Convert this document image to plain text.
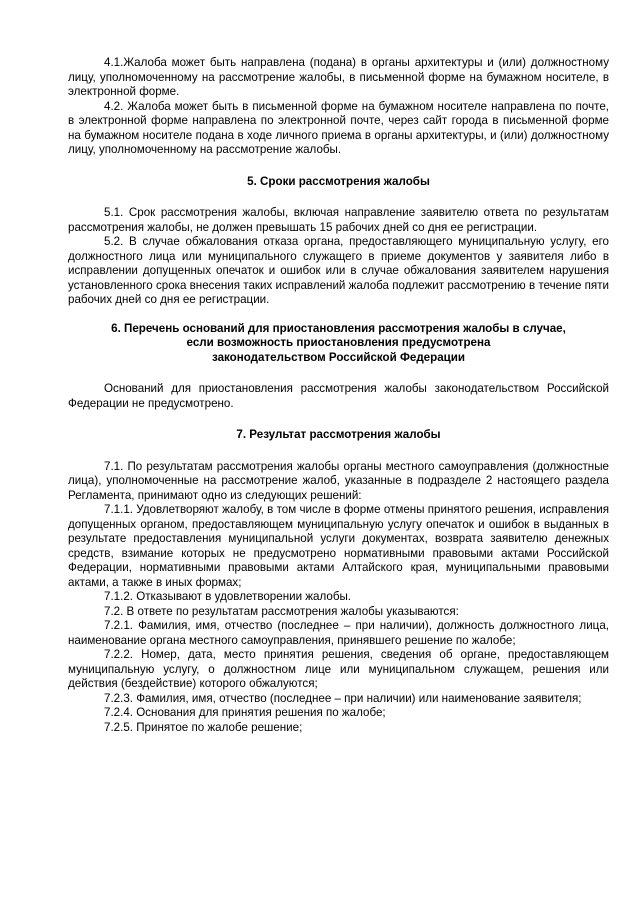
4.1.Жалоба может быть направлена (подана) в органы архитектуры и (или) должностному лицу, уполномоченному на рассмотрение жалобы, в письменной форме на бумажном носителе, в электронной форме.

4.2. Жалоба может быть в письменной форме на бумажном носителе направлена по почте, в электронной форме направлена по электронной почте, через сайт города в письменной форме на бумажном носителе подана в ходе личного приема в органы архитектуры, и (или) должностному лицу, уполномоченному на рассмотрение жалобы.

5. Сроки рассмотрения жалобы

5.1. Срок рассмотрения жалобы, включая направление заявителю ответа по результатам рассмотрения жалобы, не должен превышать 15 рабочих дней со дня ее регистрации.

5.2. В случае обжалования отказа органа, предоставляющего муниципальную услугу, его должностного лица или муниципального служащего в приеме документов у заявителя либо в исправлении допущенных опечаток и ошибок или в случае обжалования заявителем нарушения установленного срока внесения таких исправлений жалоба подлежит рассмотрению в течение пяти рабочих дней со дня ее регистрации.

6. Перечень оснований для приостановления рассмотрения жалобы в случае,
если возможность приостановления предусмотрена
законодательством Российской Федерации

Оснований для приостановления рассмотрения жалобы законодательством Российской Федерации не предусмотрено.

7. Результат рассмотрения жалобы

7.1. По результатам рассмотрения жалобы органы местного самоуправления (должностные лица), уполномоченные на рассмотрение жалоб, указанные в подразделе 2 настоящего раздела Регламента, принимают одно из следующих решений:

7.1.1. Удовлетворяют жалобу, в том числе в форме отмены принятого решения, исправления допущенных органом, предоставляющем муниципальную услугу опечаток и ошибок в выданных в результате предоставления муниципальной услуги документах, возврата заявителю денежных средств, взимание которых не предусмотрено нормативными правовыми актами Российской Федерации, нормативными правовыми актами Алтайского края, муниципальными правовыми актами, а также в иных формах;

7.1.2. Отказывают в удовлетворении жалобы.

7.2. В ответе по результатам рассмотрения жалобы указываются:

7.2.1. Фамилия, имя, отчество (последнее – при наличии), должность должностного лица, наименование органа местного самоуправления, принявшего решение по жалобе;

7.2.2. Номер, дата, место принятия решения, сведения об органе, предоставляющем муниципальную услугу, о должностном лице или муниципальном служащем, решения или действия (бездействие) которого обжалуются;

7.2.3. Фамилия, имя, отчество (последнее – при наличии) или наименование заявителя;

7.2.4. Основания для принятия решения по жалобе;

7.2.5. Принятое по жалобе решение;
